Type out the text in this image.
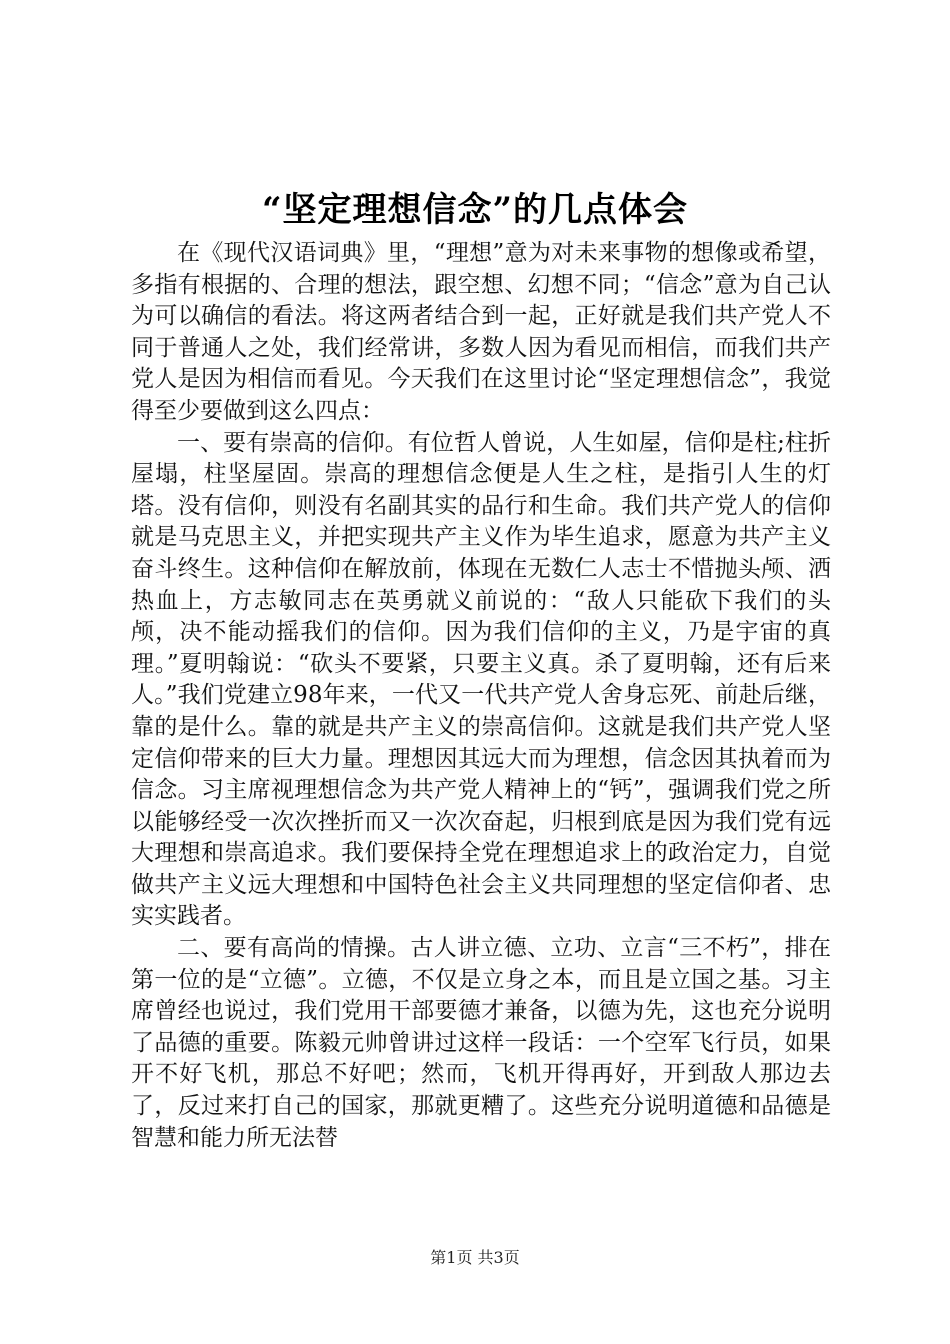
“坚定理想信念”的几点体会

在《现代汉语词典》里，“理想”意为对未来事物的想像或希望，多指有根据的、合理的想法，跟空想、幻想不同；“信念”意为自己认为可以确信的看法。将这两者结合到一起，正好就是我们共产党人不同于普通人之处，我们经常讲，多数人因为看见而相信，而我们共产党人是因为相信而看见。今天我们在这里讨论“坚定理想信念”，我觉得至少要做到这么四点：

一、要有崇高的信仰。有位哲人曾说，人生如屋，信仰是柱;柱折屋塌，柱坚屋固。崇高的理想信念便是人生之柱，是指引人生的灯塔。没有信仰，则没有名副其实的品行和生命。我们共产党人的信仰就是马克思主义，并把实现共产主义作为毕生追求，愿意为共产主义奋斗终生。这种信仰在解放前，体现在无数仁人志士不惜抛头颅、洒热血上，方志敏同志在英勇就义前说的：“敌人只能砍下我们的头颅，决不能动摇我们的信仰。因为我们信仰的主义，乃是宇宙的真理。”夏明翰说：“砍头不要紧，只要主义真。杀了夏明翰，还有后来人。”我们党建立98年来，一代又一代共产党人舍身忘死、前赴后继，靠的是什么。靠的就是共产主义的崇高信仰。这就是我们共产党人坚定信仰带来的巨大力量。理想因其远大而为理想，信念因其执着而为信念。习主席视理想信念为共产党人精神上的“钙”，强调我们党之所以能够经受一次次挫折而又一次次奋起，归根到底是因为我们党有远大理想和崇高追求。我们要保持全党在理想追求上的政治定力，自觉做共产主义远大理想和中国特色社会主义共同理想的坚定信仰者、忠实实践者。

二、要有高尚的情操。古人讲立德、立功、立言“三不朽”，排在第一位的是“立德”。立德，不仅是立身之本，而且是立国之基。习主席曾经也说过，我们党用干部要德才兼备，以德为先，这也充分说明了品德的重要。陈毅元帅曾讲过这样一段话：一个空军飞行员，如果开不好飞机，那总不好吧；然而，飞机开得再好，开到敌人那边去了，反过来打自己的国家，那就更糟了。这些充分说明道德和品德是智慧和能力所无法替

第1页 共3页
